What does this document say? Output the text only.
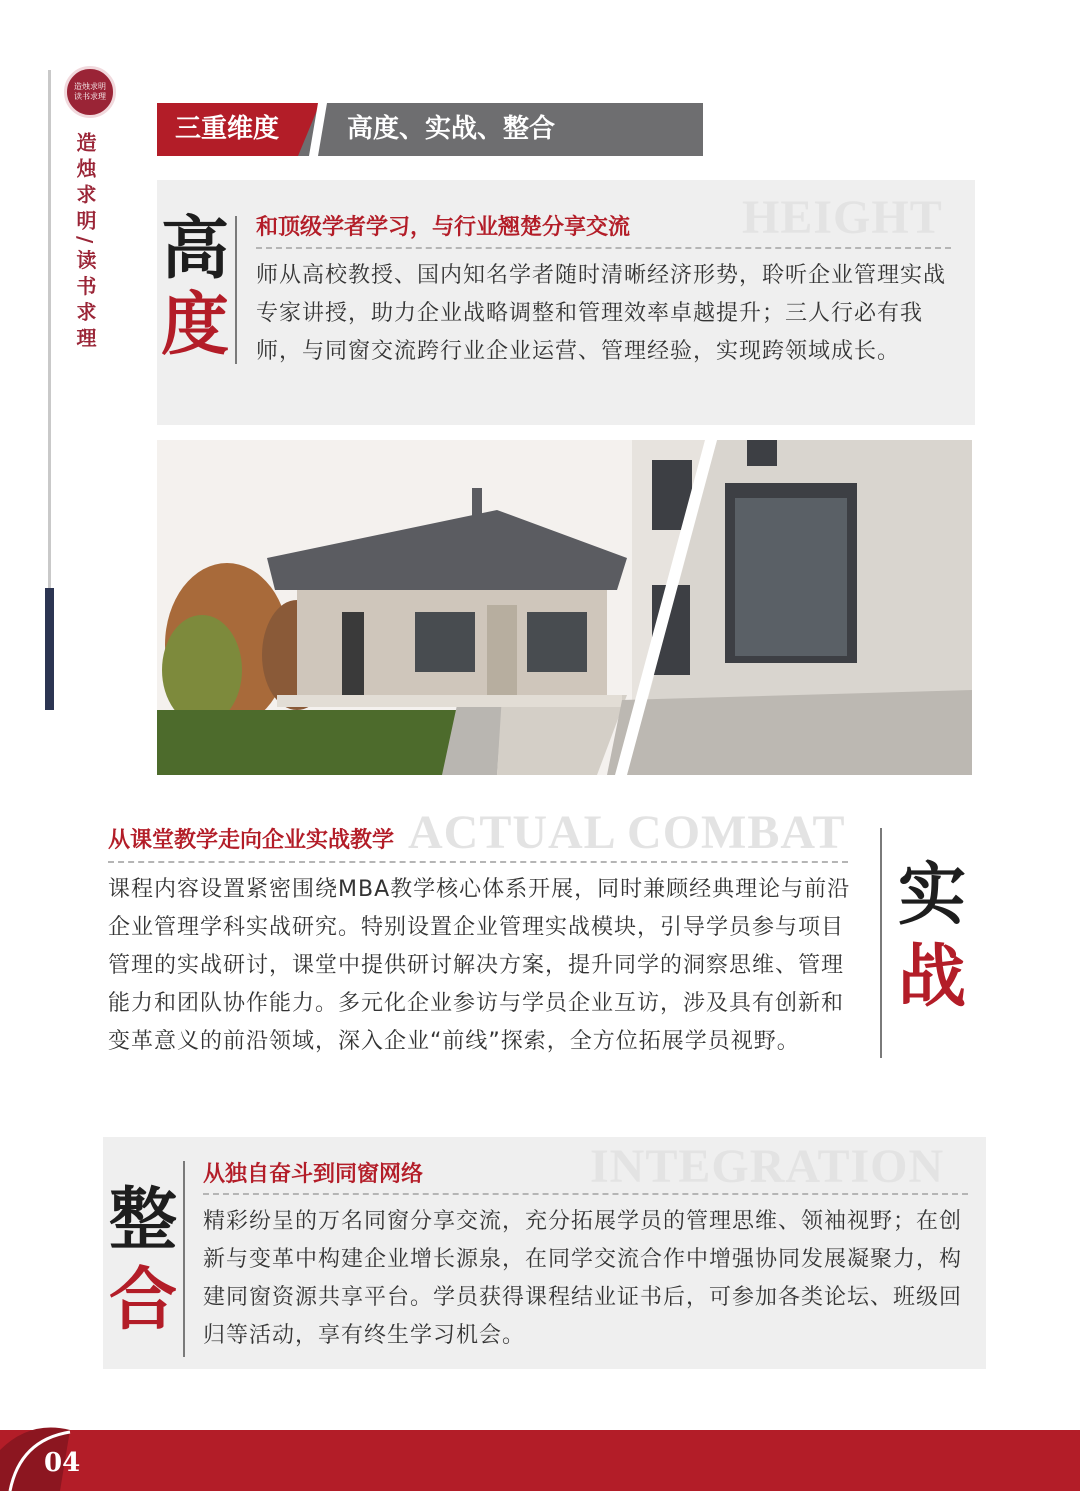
造烛求明 读书求理
造烛求明/读书求理
三重维度	高度、实战、整合
HEIGHT
高
度
和顶级学者学习，与行业翘楚分享交流
师从高校教授、国内知名学者随时清晰经济形势，聆听企业管理实战专家讲授，助力企业战略调整和管理效率卓越提升；三人行必有我师，与同窗交流跨行业企业运营、管理经验，实现跨领域成长。
ACTUAL COMBAT
从课堂教学走向企业实战教学
课程内容设置紧密围绕MBA教学核心体系开展，同时兼顾经典理论与前沿企业管理学科实战研究。特别设置企业管理实战模块，引导学员参与项目管理的实战研讨，课堂中提供研讨解决方案，提升同学的洞察思维、管理能力和团队协作能力。多元化企业参访与学员企业互访，涉及具有创新和变革意义的前沿领域，深入企业“前线”探索，全方位拓展学员视野。
实
战
INTEGRATION
整
合
从独自奋斗到同窗网络
精彩纷呈的万名同窗分享交流，充分拓展学员的管理思维、领袖视野；在创新与变革中构建企业增长源泉，在同学交流合作中增强协同发展凝聚力，构建同窗资源共享平台。学员获得课程结业证书后，可参加各类论坛、班级回归等活动，享有终生学习机会。
04
